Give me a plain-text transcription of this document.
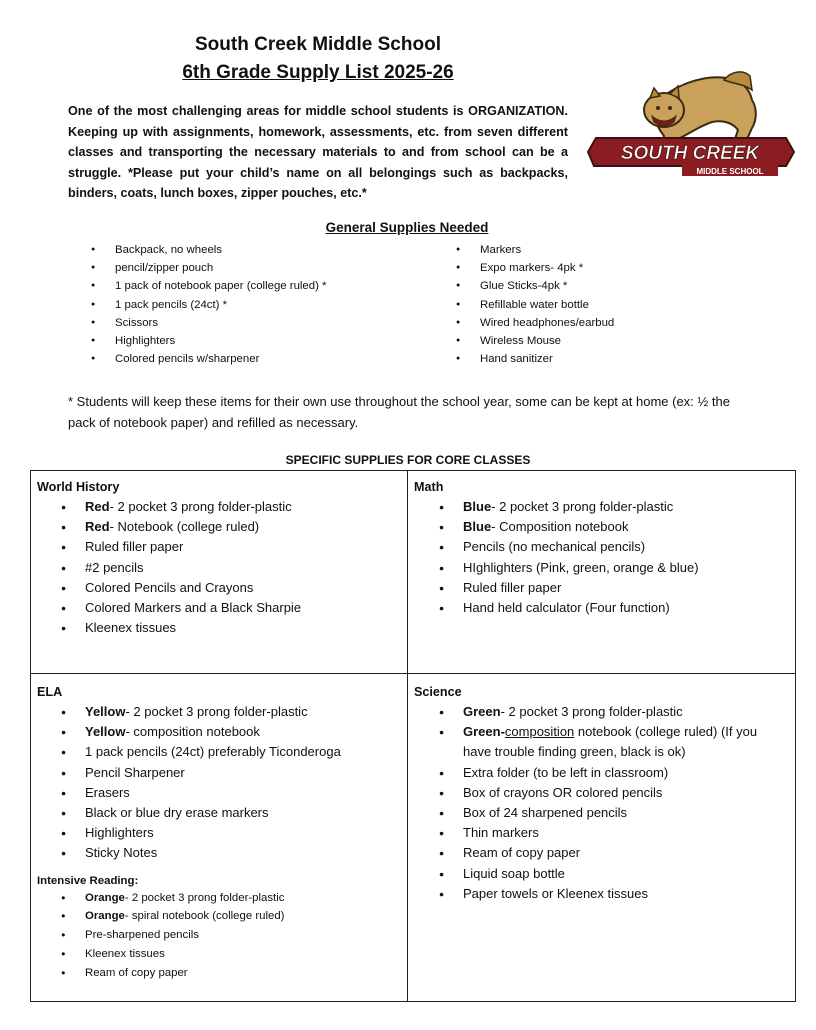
South Creek Middle School
6th Grade Supply List 2025-26
One of the most challenging areas for middle school students is ORGANIZATION. Keeping up with assignments, homework, assessments, etc. from seven different classes and transporting the necessary materials to and from school can be a struggle. *Please put your child’s name on all belongings such as backpacks, binders, coats, lunch boxes, zipper pouches, etc.*
SOUTH CREEK
MIDDLE SCHOOL
General Supplies Needed
● Backpack, no wheels
● pencil/zipper pouch
● 1 pack of notebook paper (college ruled) *
● 1 pack pencils (24ct) *
● Scissors
● Highlighters
● Colored pencils w/sharpener
● Markers
● Expo markers- 4pk *
● Glue Sticks-4pk *
● Refillable water bottle
● Wired headphones/earbud
● Wireless Mouse
● Hand sanitizer
* Students will keep these items for their own use throughout the school year, some can be kept at home (ex: ½ the pack of notebook paper) and refilled as necessary.
SPECIFIC SUPPLIES FOR CORE CLASSES
World History
● Red- 2 pocket 3 prong folder-plastic
● Red- Notebook (college ruled)
● Ruled filler paper
● #2 pencils
● Colored Pencils and Crayons
● Colored Markers and a Black Sharpie
● Kleenex tissues
Math
● Blue- 2 pocket 3 prong folder-plastic
● Blue- Composition notebook
● Pencils (no mechanical pencils)
● HIghlighters (Pink, green, orange & blue)
● Ruled filler paper
● Hand held calculator (Four function)
ELA
● Yellow- 2 pocket 3 prong folder-plastic
● Yellow- composition notebook
● 1 pack pencils (24ct) preferably Ticonderoga
● Pencil Sharpener
● Erasers
● Black or blue dry erase markers
● Highlighters
● Sticky Notes
Intensive Reading:
● Orange- 2 pocket 3 prong folder-plastic
● Orange- spiral notebook (college ruled)
● Pre-sharpened pencils
● Kleenex tissues
● Ream of copy paper
Science
● Green- 2 pocket 3 prong folder-plastic
● Green-composition notebook (college ruled) (If you have trouble finding green, black is ok)
● Extra folder (to be left in classroom)
● Box of crayons OR colored pencils
● Box of 24 sharpened pencils
● Thin markers
● Ream of copy paper
● Liquid soap bottle
● Paper towels or Kleenex tissues
